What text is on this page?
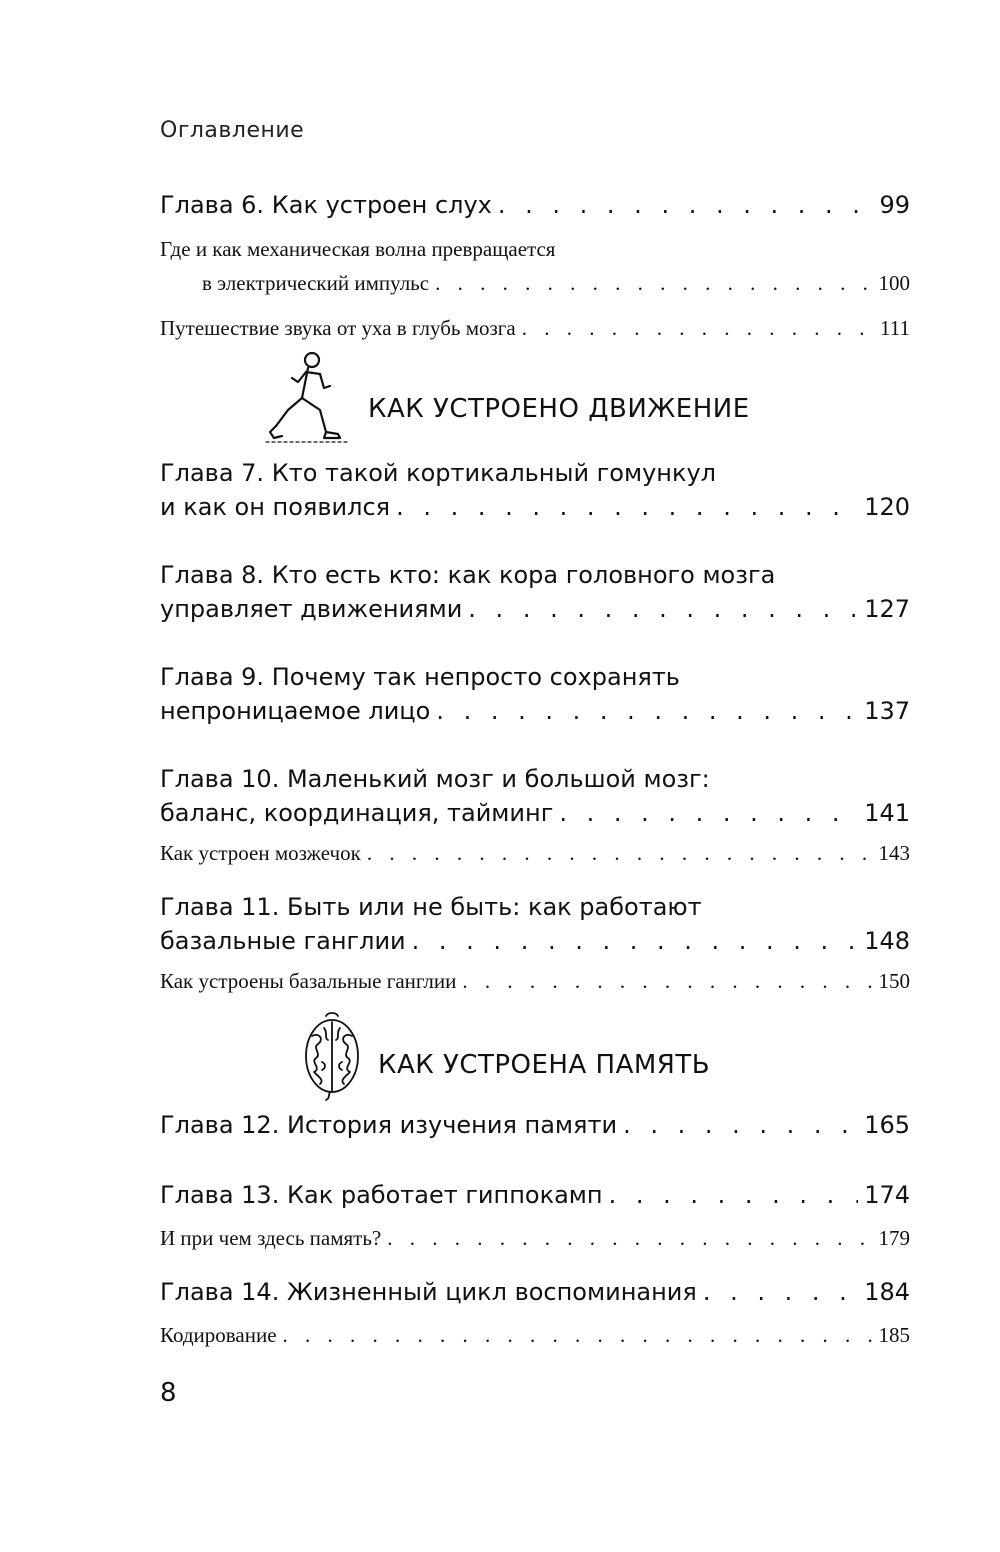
Оглавление
Глава 6. Как устроен слух . . .	99
Где и как механическая волна превращается
в электрический импульс . . .	100
Путешествие звука от уха в глубь мозга . . .	111
КАК УСТРОЕНО ДВИЖЕНИЕ
Глава 7. Кто такой кортикальный гомункул
и как он появился . . .	120
Глава 8. Кто есть кто: как кора головного мозга
управляет движениями . . .	127
Глава 9. Почему так непросто сохранять
непроницаемое лицо . . .	137
Глава 10. Маленький мозг и большой мозг:
баланс, координация, тайминг . . .	141
Как устроен мозжечок . . .	143
Глава 11. Быть или не быть: как работают
базальные ганглии . . .	148
Как устроены базальные ганглии . . .	150
КАК УСТРОЕНА ПАМЯТЬ
Глава 12. История изучения памяти . . .	165
Глава 13. Как работает гиппокамп . . .	174
И при чем здесь память? . . .	179
Глава 14. Жизненный цикл воспоминания . . .	184
Кодирование . . .	185
8
